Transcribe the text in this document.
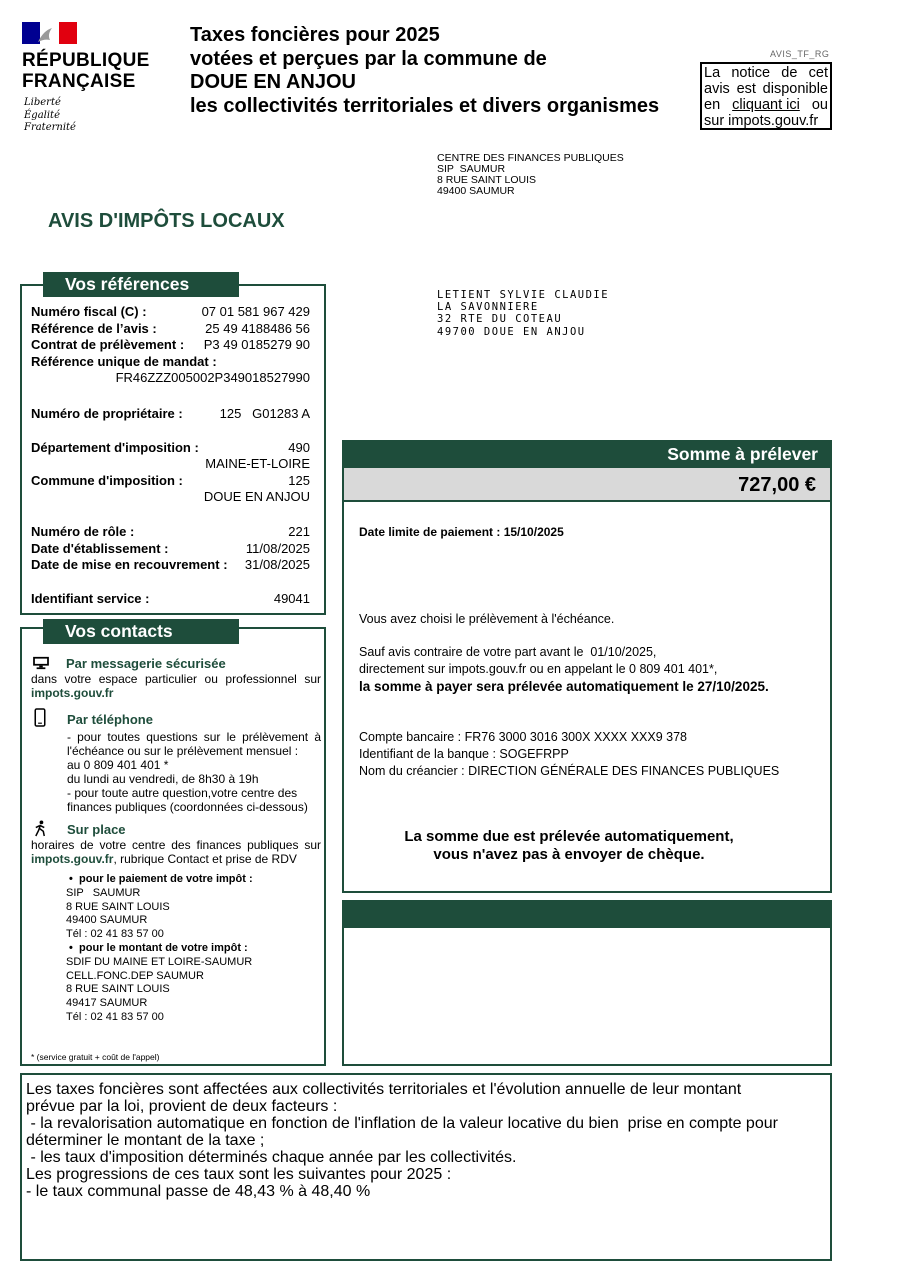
RÉPUBLIQUE
FRANÇAISE
Liberté
Égalité
Fraternité
Taxes foncières pour 2025
votées et perçues par la commune de
DOUE EN ANJOU
les collectivités territoriales et divers organismes
AVIS_TF_RG
La notice de cet
avis est disponible
en cliquant ici ou
sur impots.gouv.fr
CENTRE DES FINANCES PUBLIQUES
SIP  SAUMUR
8 RUE SAINT LOUIS
49400 SAUMUR
AVIS D'IMPÔTS LOCAUX
LETIENT SYLVIE CLAUDIE
LA SAVONNIERE
32 RTE DU COTEAU
49700 DOUE EN ANJOU
Vos références
Numéro fiscal (C) :	07 01 581 967 429
Référence de l’avis :	25 49 4188486 56
Contrat de prélèvement : P3 49 0185279 90
Référence unique de mandat :
FR46ZZZ005002P349018527990
Numéro de propriétaire :	125   G01283 A
Département d'imposition :	490
MAINE-ET-LOIRE
Commune d'imposition :	125
DOUE EN ANJOU
Numéro de rôle :	221
Date d'établissement :	11/08/2025
Date de mise en recouvrement : 31/08/2025
Identifiant service :	49041
Vos contacts
Par messagerie sécurisée
dans votre espace particulier ou professionnel sur
impots.gouv.fr
Par téléphone
- pour toutes questions sur le prélèvement à
l'échéance ou sur le prélèvement mensuel :
au 0 809 401 401 *
du lundi au vendredi, de 8h30 à 19h
- pour toute autre question,votre centre des
finances publiques (coordonnées ci-dessous)
Sur place
horaires de votre centre des finances publiques sur
impots.gouv.fr, rubrique Contact et prise de RDV
•  pour le paiement de votre impôt :
SIP   SAUMUR
8 RUE SAINT LOUIS
49400 SAUMUR
Tél : 02 41 83 57 00
•  pour le montant de votre impôt :
SDIF DU MAINE ET LOIRE-SAUMUR
CELL.FONC.DEP SAUMUR
8 RUE SAINT LOUIS
49417 SAUMUR
Tél : 02 41 83 57 00
* (service gratuit + coût de l'appel)
Somme à prélever
727,00 €
Date limite de paiement : 15/10/2025
Vous avez choisi le prélèvement à l'échéance.
Sauf avis contraire de votre part avant le  01/10/2025,
directement sur impots.gouv.fr ou en appelant le 0 809 401 401*,
la somme à payer sera prélevée automatiquement le 27/10/2025.
Compte bancaire : FR76 3000 3016 300X XXXX XXX9 378
Identifiant de la banque : SOGEFRPP
Nom du créancier : DIRECTION GÉNÉRALE DES FINANCES PUBLIQUES
La somme due est prélevée automatiquement,
vous n'avez pas à envoyer de chèque.
Les taxes foncières sont affectées aux collectivités territoriales et l'évolution annuelle de leur montant
prévue par la loi, provient de deux facteurs :
- la revalorisation automatique en fonction de l'inflation de la valeur locative du bien  prise en compte pour
déterminer le montant de la taxe ;
- les taux d'imposition déterminés chaque année par les collectivités.
Les progressions de ces taux sont les suivantes pour 2025 :
- le taux communal passe de 48,43 % à 48,40 %
